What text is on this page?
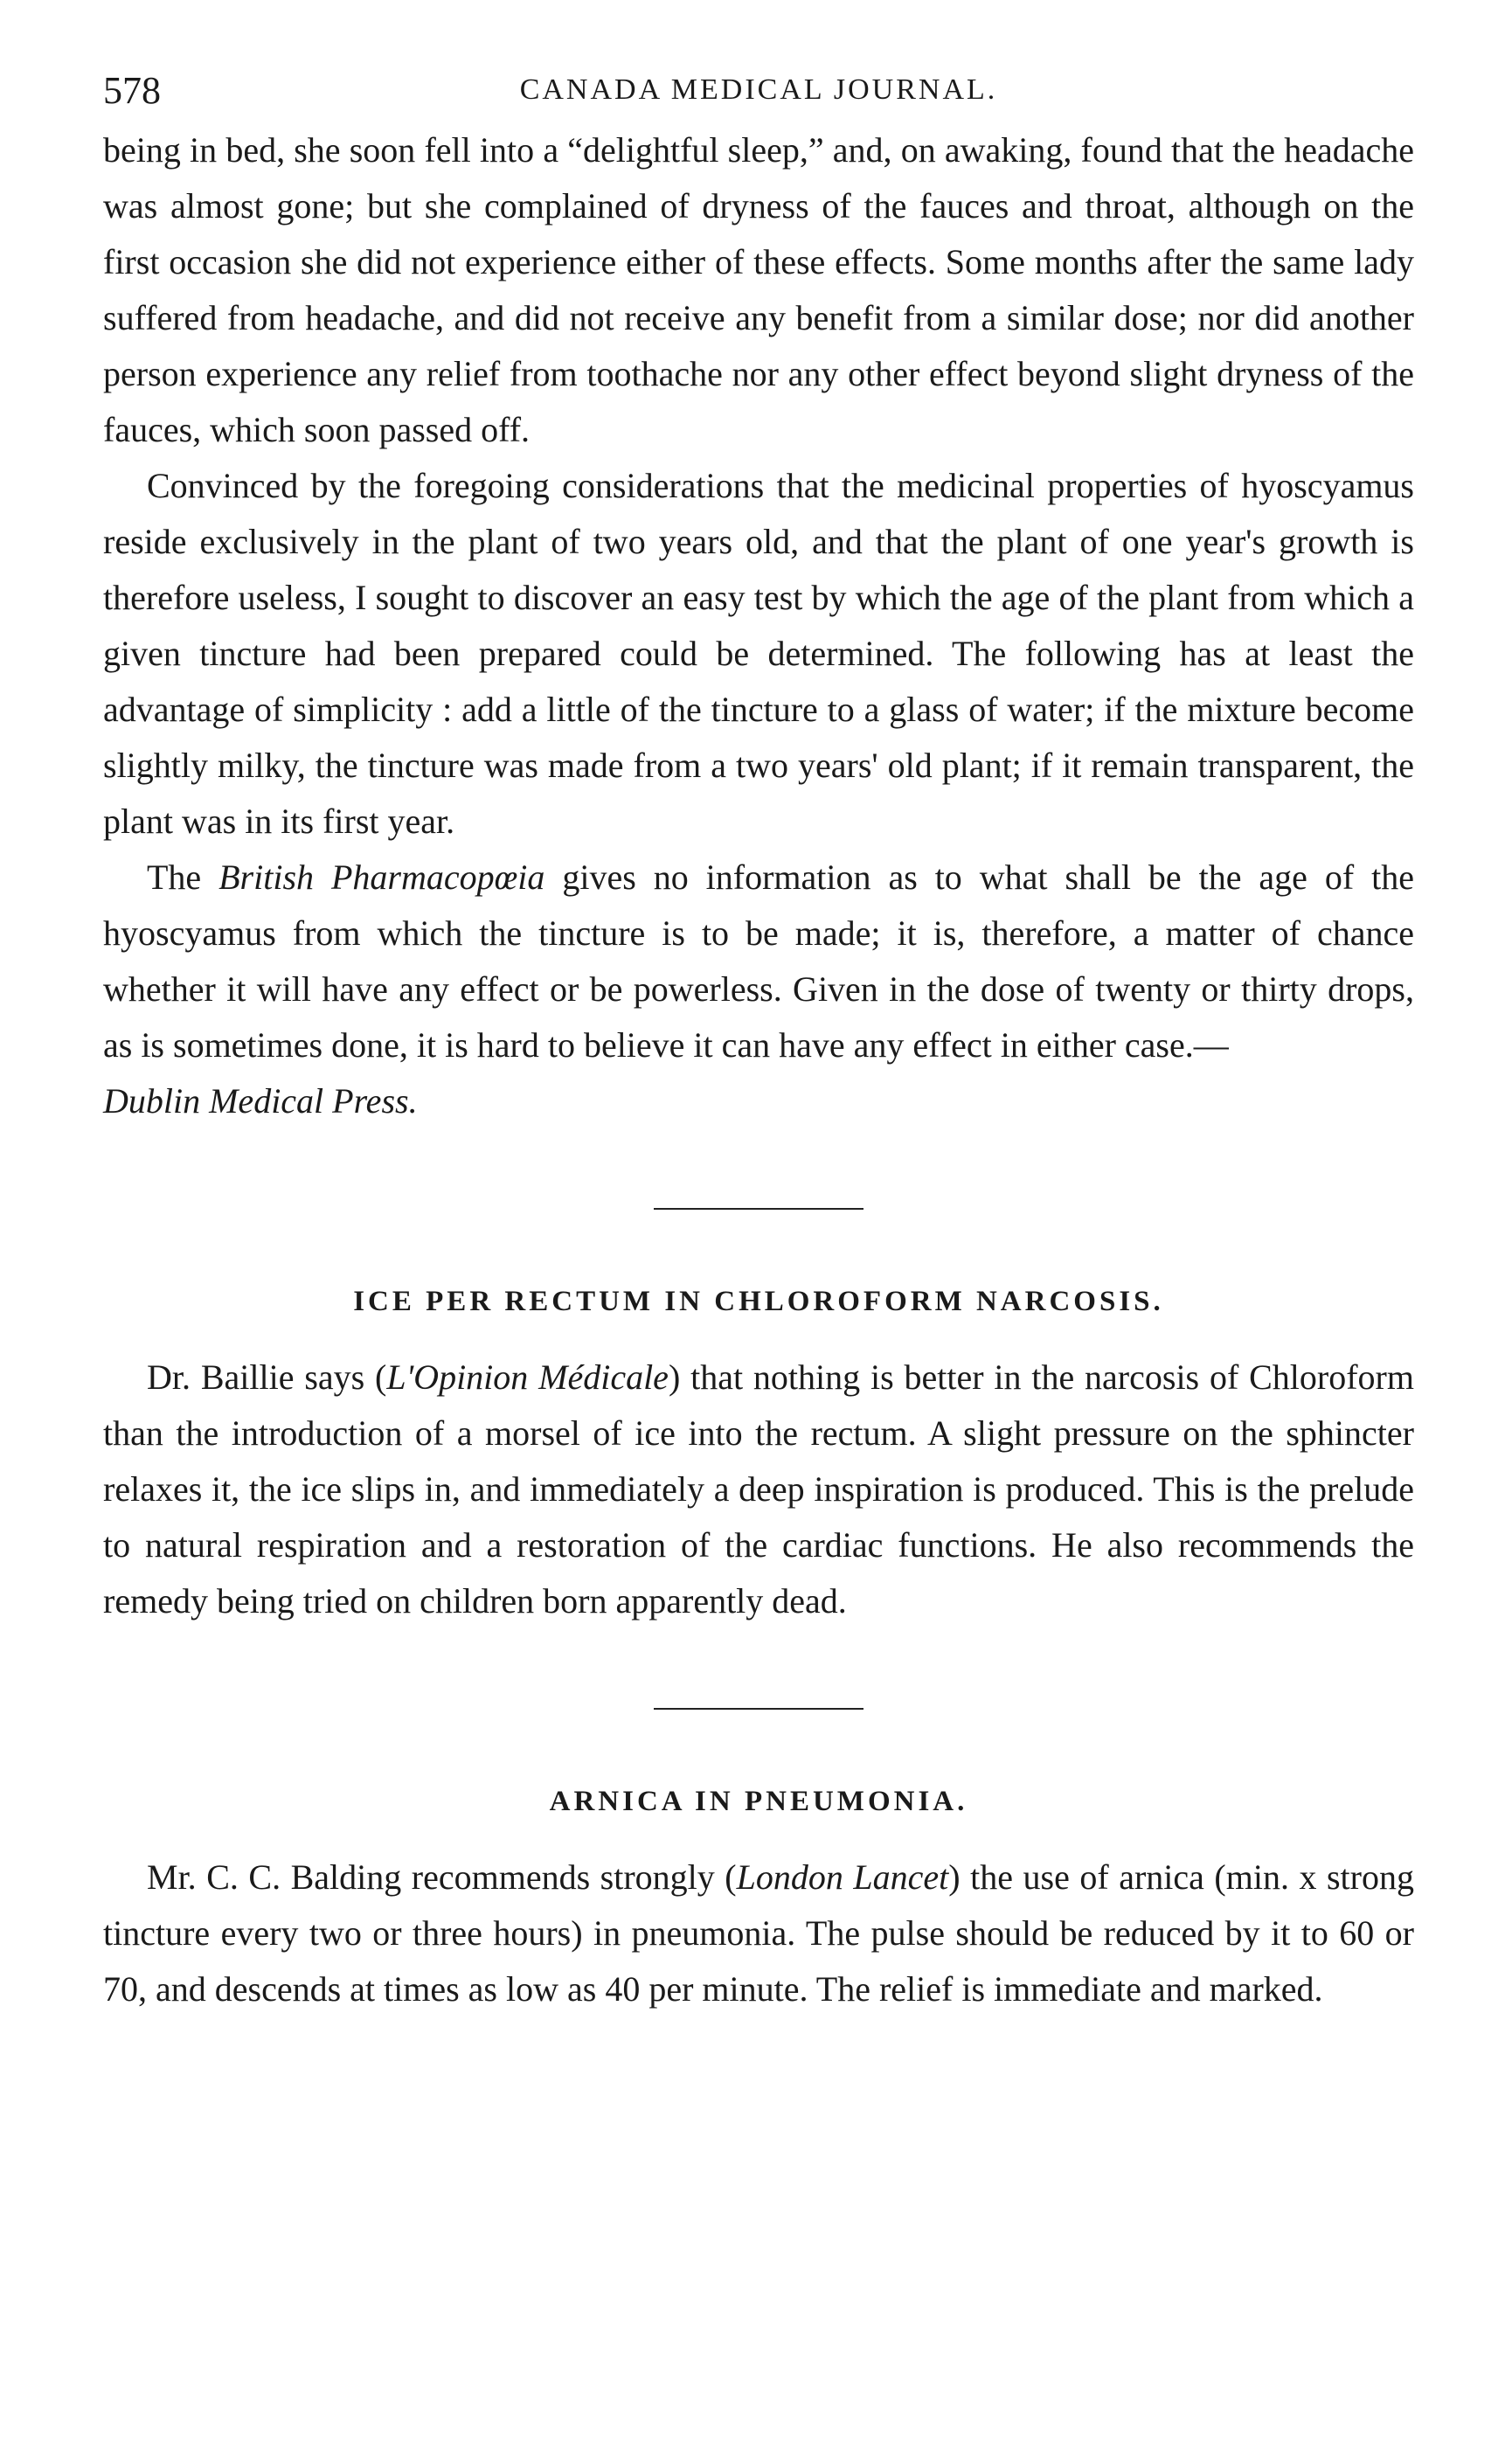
578	CANADA MEDICAL JOURNAL.

being in bed, she soon fell into a “delightful sleep,” and, on awaking, found that the headache was almost gone; but she complained of dryness of the fauces and throat, although on the first occasion she did not experience either of these effects. Some months after the same lady suffered from headache, and did not receive any benefit from a similar dose; nor did another person experience any relief from toothache nor any other effect beyond slight dryness of the fauces, which soon passed off.

Convinced by the foregoing considerations that the medicinal properties of hyoscyamus reside exclusively in the plant of two years old, and that the plant of one year's growth is therefore useless, I sought to discover an easy test by which the age of the plant from which a given tincture had been prepared could be determined. The following has at least the advantage of simplicity : add a little of the tincture to a glass of water; if the mixture become slightly milky, the tincture was made from a two years' old plant; if it remain transparent, the plant was in its first year.

The British Pharmacopœia gives no information as to what shall be the age of the hyoscyamus from which the tincture is to be made; it is, therefore, a matter of chance whether it will have any effect or be powerless. Given in the dose of twenty or thirty drops, as is sometimes done, it is hard to believe it can have any effect in either case.—
Dublin Medical Press.

ICE PER RECTUM IN CHLOROFORM NARCOSIS.

Dr. Baillie says (L'Opinion Médicale) that nothing is better in the narcosis of Chloroform than the introduction of a morsel of ice into the rectum. A slight pressure on the sphincter relaxes it, the ice slips in, and immediately a deep inspiration is produced. This is the prelude to natural respiration and a restoration of the cardiac functions. He also recommends the remedy being tried on children born apparently dead.

ARNICA IN PNEUMONIA.

Mr. C. C. Balding recommends strongly (London Lancet) the use of arnica (min. x strong tincture every two or three hours) in pneumonia. The pulse should be reduced by it to 60 or 70, and descends at times as low as 40 per minute. The relief is immediate and marked.
